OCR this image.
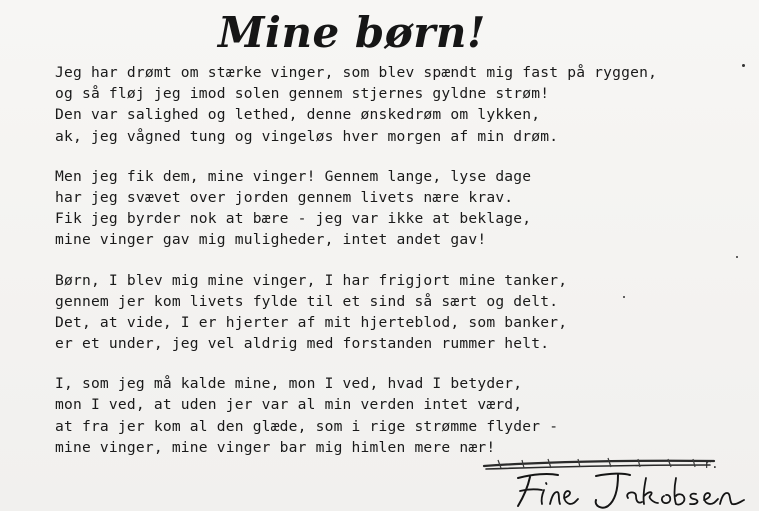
Mine børn!
Jeg har drømt om stærke vinger, som blev spændt mig fast på ryggen,
og så fløj jeg imod solen gennem stjernes gyldne strøm!
Den var salighed og lethed, denne ønskedrøm om lykken,
ak, jeg vågned tung og vingeløs hver morgen af min drøm.
Men jeg fik dem, mine vinger! Gennem lange, lyse dage
har jeg svævet over jorden gennem livets nære krav.
Fik jeg byrder nok at bære - jeg var ikke at beklage,
mine vinger gav mig muligheder, intet andet gav!
Børn, I blev mig mine vinger, I har frigjort mine tanker,
gennem jer kom livets fylde til et sind så sært og delt.
Det, at vide, I er hjerter af mit hjerteblod, som banker,
er et under, jeg vel aldrig med forstanden rummer helt.
I, som jeg må kalde mine, mon I ved, hvad I betyder,
mon I ved, at uden jer var al min verden intet værd,
at fra jer kom al den glæde, som i rige strømme flyder -
mine vinger, mine vinger bar mig himlen mere nær!
r.
